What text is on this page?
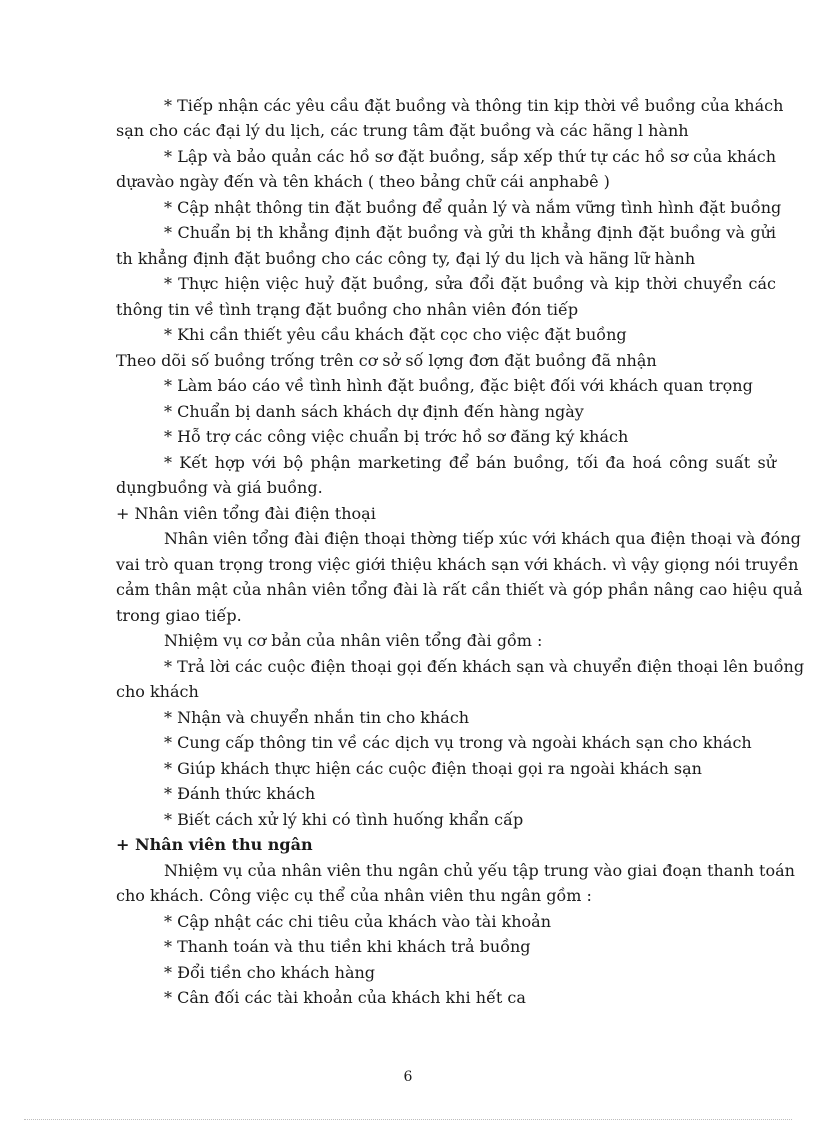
* Tiếp nhận các yêu cầu đặt buồng và thông tin kịp thời về buồng của khách
sạn cho các đại lý du lịch, các trung tâm đặt buồng và các hãng l hành
* Lập và bảo quản các hồ sơ đặt buồng, sắp xếp thứ tự các hồ sơ của khách
dựavào ngày đến và tên khách ( theo bảng chữ cái anphabê )
* Cập nhật thông tin đặt buồng để quản lý và nắm vững tình hình đặt buồng
* Chuẩn bị th khẳng định đặt buồng và gửi th khẳng định đặt buồng và gửi
th khẳng định đặt buồng cho các công ty, đại lý du lịch và hãng lữ hành
* Thực hiện việc huỷ đặt buồng, sửa đổi đặt buồng và kịp thời chuyển các
thông tin về tình trạng đặt buồng cho nhân viên đón tiếp
* Khi cần thiết yêu cầu khách đặt cọc cho việc đặt buồng
Theo dõi số buồng trống trên cơ sở số lợng đơn đặt buồng đã nhận
* Làm báo cáo về tình hình đặt buồng, đặc biệt đối với khách quan trọng
* Chuẩn bị danh sách khách dự định đến hàng ngày
* Hỗ trợ các công việc chuẩn bị trớc hồ sơ đăng ký khách
* Kết hợp với bộ phận marketing để bán buồng, tối đa hoá công suất sử
dụngbuồng và giá buồng.
+ Nhân viên tổng đài điện thoại
Nhân viên tổng đài điện thoại thờng tiếp xúc với khách qua điện thoại và đóng
vai trò quan trọng trong việc giới thiệu khách sạn với khách. vì vậy giọng nói truyền
cảm thân mật của nhân viên tổng đài là rất cần thiết và góp phần nâng cao hiệu quả
trong giao tiếp.
Nhiệm vụ cơ bản của nhân viên tổng đài gồm :
* Trả lời các cuộc điện thoại gọi đến khách sạn và chuyển điện thoại lên buồng
cho khách
* Nhận và chuyển nhắn tin cho khách
* Cung cấp thông tin về các dịch vụ trong và ngoài khách sạn cho khách
* Giúp khách thực hiện các cuộc điện thoại gọi ra ngoài khách sạn
* Đánh thức khách
* Biết cách xử lý khi có tình huống khẩn cấp
+ Nhân viên thu ngân
Nhiệm vụ của nhân viên thu ngân chủ yếu tập trung vào giai đoạn thanh toán
cho khách. Công việc cụ thể của nhân viên thu ngân gồm :
* Cập nhật các chi tiêu của khách vào tài khoản
* Thanh toán và thu tiền khi khách trả buồng
* Đổi tiền cho khách hàng
* Cân đối các tài khoản của khách khi hết ca
6
